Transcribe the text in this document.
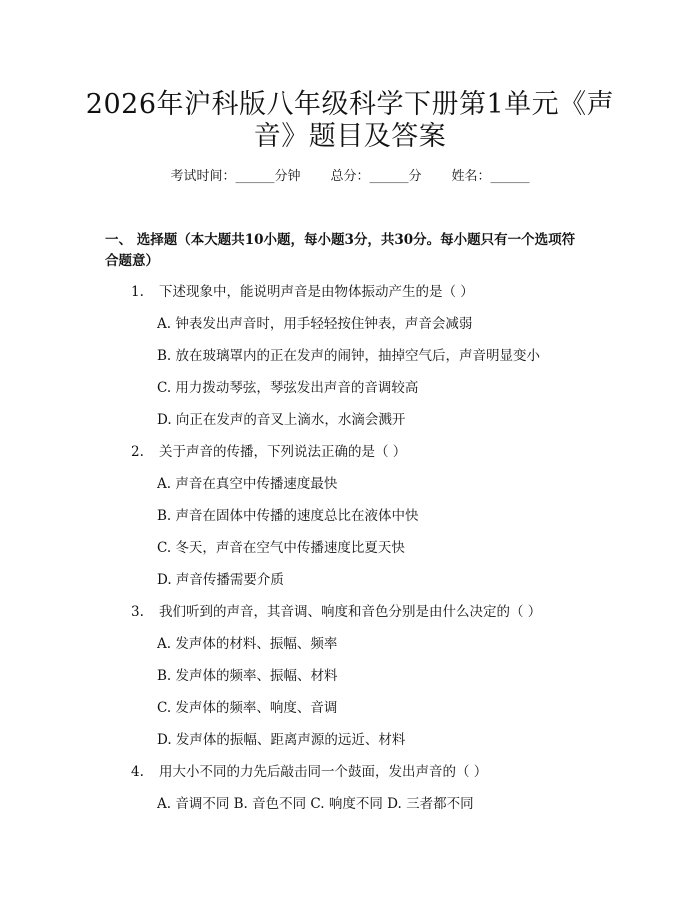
2026年沪科版八年级科学下册第1单元《声
音》题目及答案
考试时间：______分钟 总分：______分 姓名：______
一、 选择题（本大题共10小题，每小题3分，共30分。每小题只有一个选项符
合题意）
1. 下述现象中，能说明声音是由物体振动产生的是（ ）
A. 钟表发出声音时，用手轻轻按住钟表，声音会减弱
B. 放在玻璃罩内的正在发声的闹钟，抽掉空气后，声音明显变小
C. 用力拨动琴弦，琴弦发出声音的音调较高
D. 向正在发声的音叉上滴水，水滴会溅开
2. 关于声音的传播，下列说法正确的是（ ）
A. 声音在真空中传播速度最快
B. 声音在固体中传播的速度总比在液体中快
C. 冬天，声音在空气中传播速度比夏天快
D. 声音传播需要介质
3. 我们听到的声音，其音调、响度和音色分别是由什么决定的（ ）
A. 发声体的材料、振幅、频率
B. 发声体的频率、振幅、材料
C. 发声体的频率、响度、音调
D. 发声体的振幅、距离声源的远近、材料
4. 用大小不同的力先后敲击同一个鼓面，发出声音的（ ）
A. 音调不同 B. 音色不同 C. 响度不同 D. 三者都不同
